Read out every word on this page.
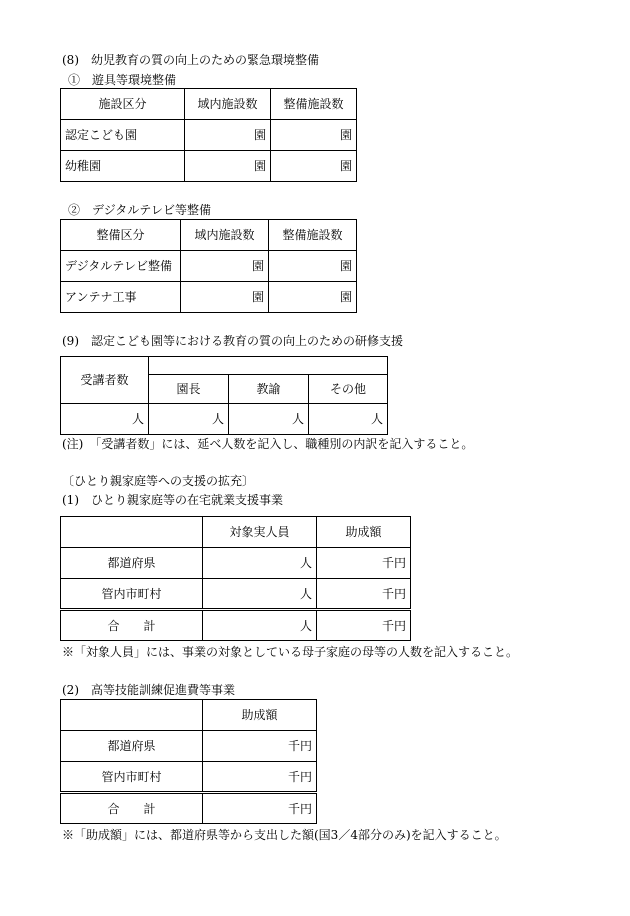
(8)　幼児教育の質の向上のための緊急環境整備
①　遊具等環境整備
施設区分	域内施設数	整備施設数
認定こども園	園	園
幼稚園	園	園
②　デジタルテレビ等整備
整備区分	域内施設数	整備施設数
デジタルテレビ整備	園	園
アンテナ工事	園	園
(9)　認定こども園等における教育の質の向上のための研修支援
受講者数			
	園長	教諭	その他
人	人	人	人
(注)　「受講者数」には、延べ人数を記入し、職種別の内訳を記入すること。
〔ひとり親家庭等への支援の拡充〕
(1)　ひとり親家庭等の在宅就業支援事業
	対象実人員	助成額
都道府県	人	千円
管内市町村	人	千円
合　　計	人	千円
※「対象人員」には、事業の対象としている母子家庭の母等の人数を記入すること。
(2)　高等技能訓練促進費等事業
	助成額
都道府県	千円
管内市町村	千円
合　　計	千円
※「助成額」には、都道府県等から支出した額(国3／4部分のみ)を記入すること。
